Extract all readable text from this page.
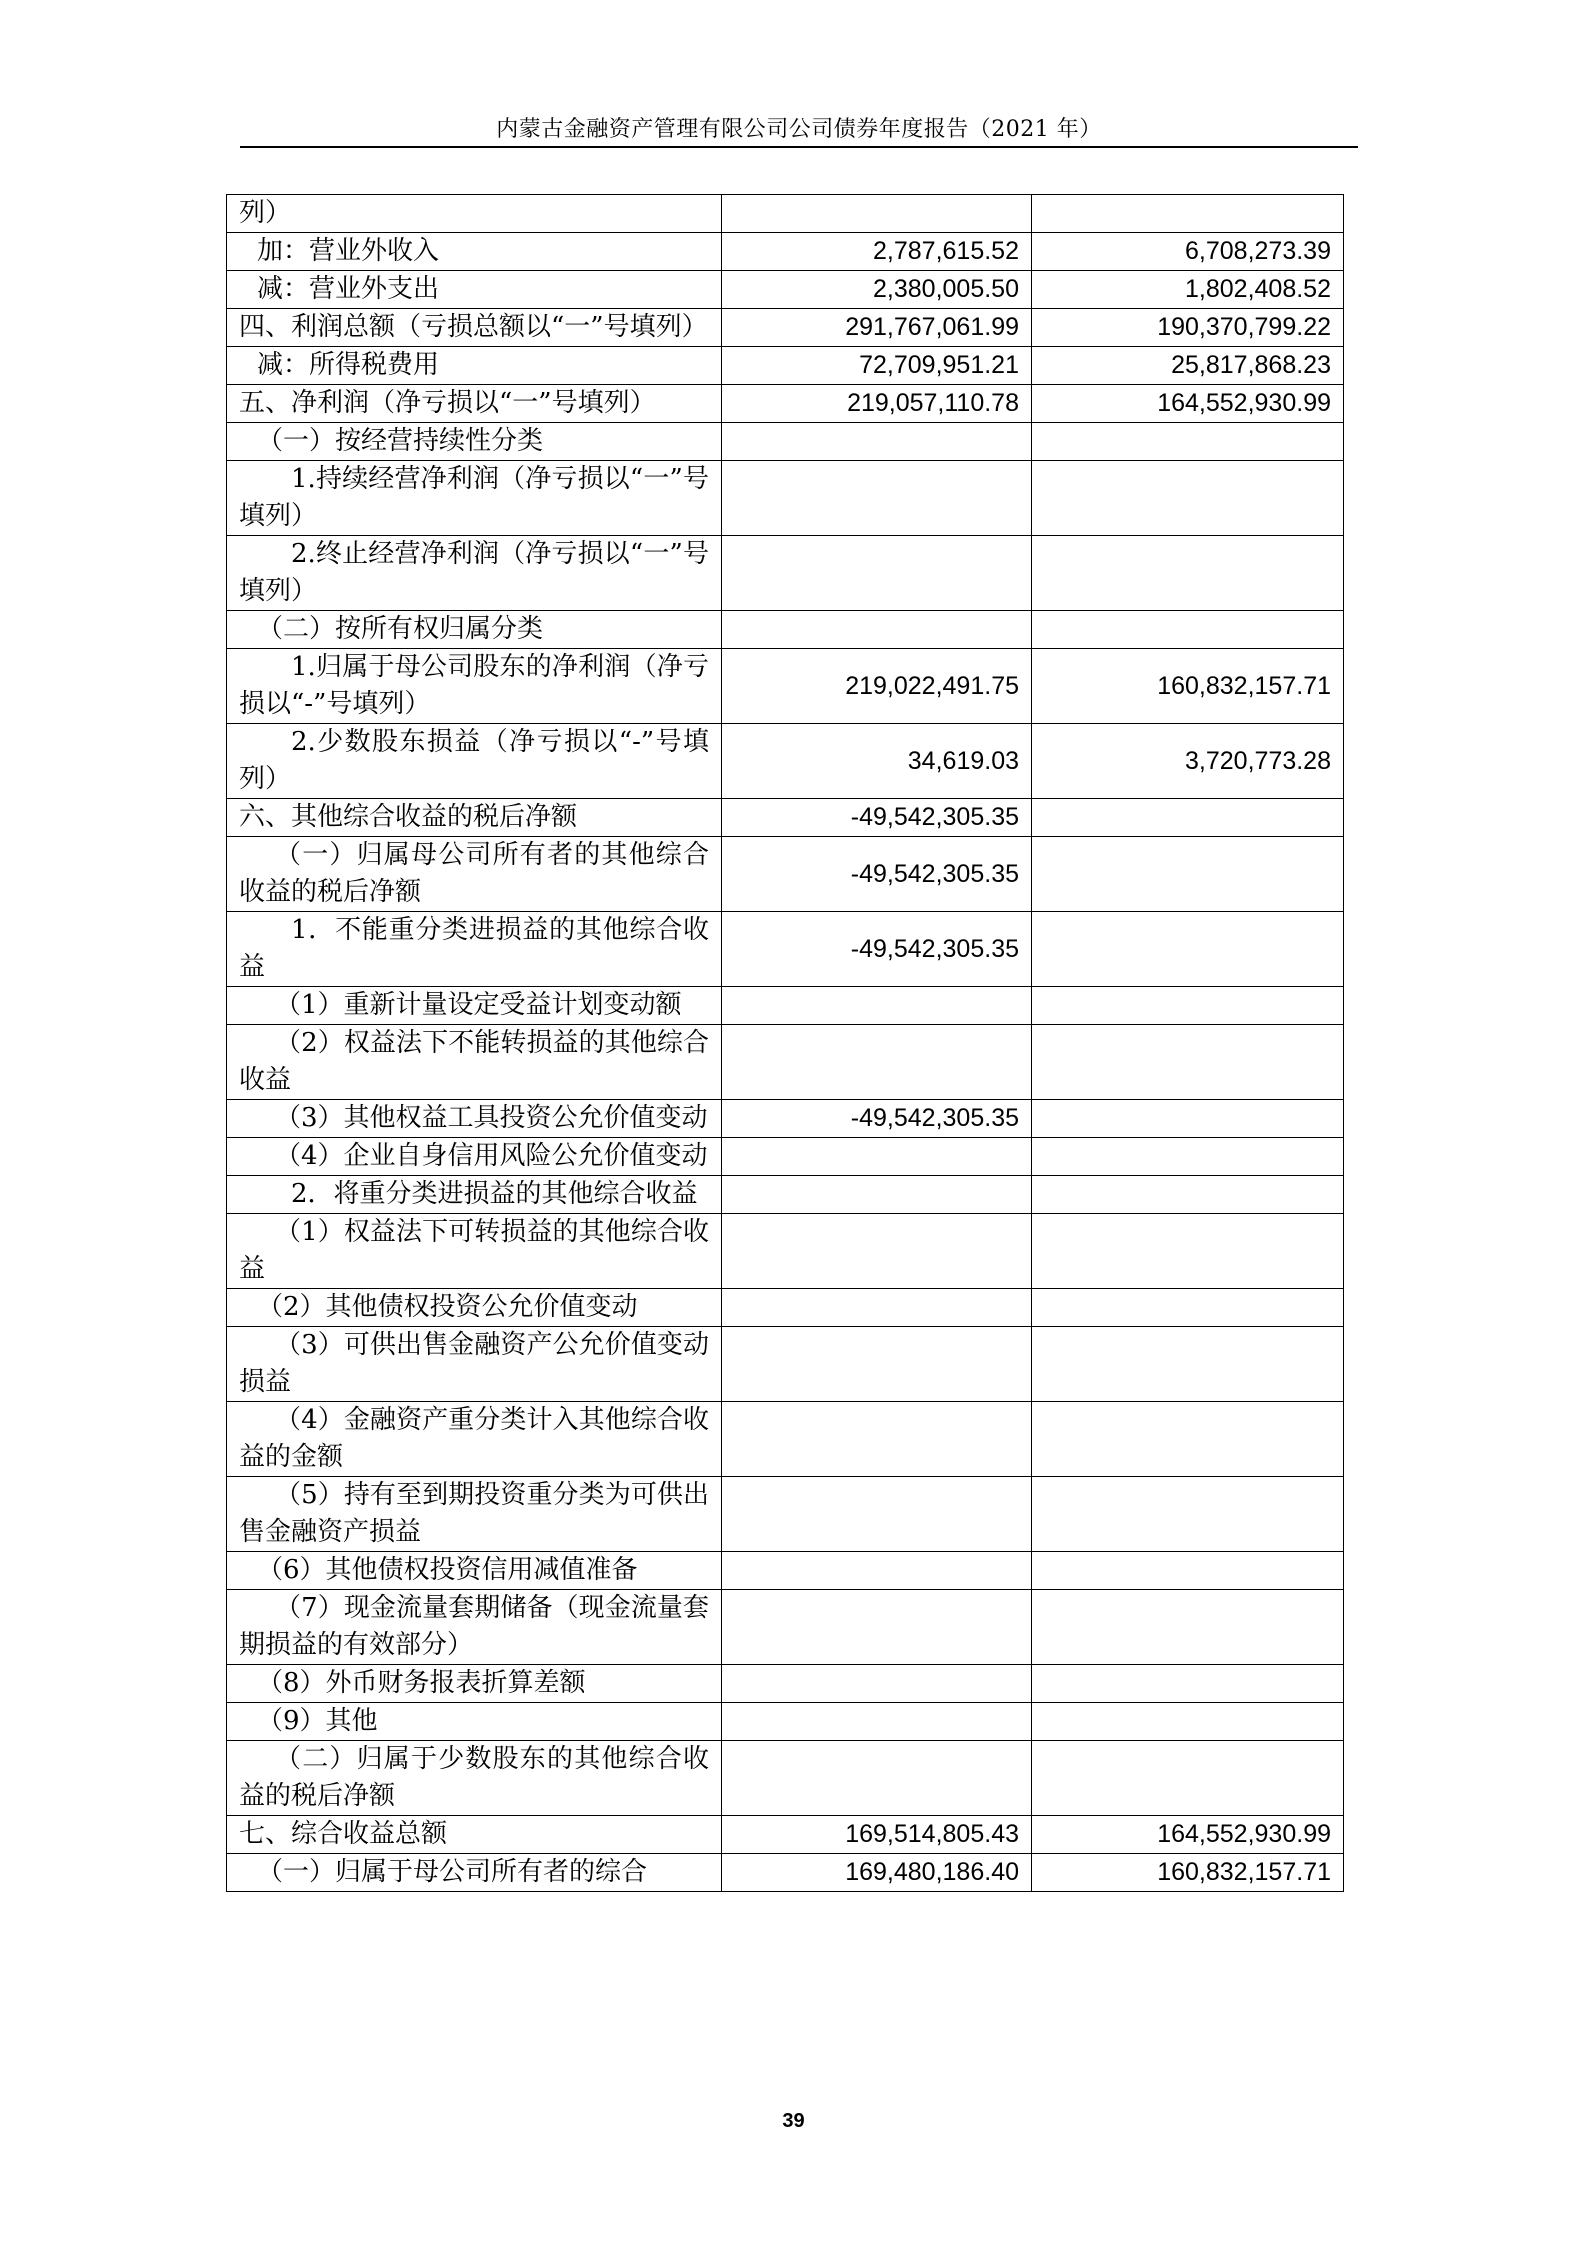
内蒙古金融资产管理有限公司公司债券年度报告（2021 年）
列）		
加：营业外收入	2,787,615.52	6,708,273.39
减：营业外支出	2,380,005.50	1,802,408.52
四、利润总额（亏损总额以“一”号填列）	291,767,061.99	190,370,799.22
减：所得税费用	72,709,951.21	25,817,868.23
五、净利润（净亏损以“一”号填列）	219,057,110.78	164,552,930.99
（一）按经营持续性分类		
1.持续经营净利润（净亏损以“一”号填列）		
2.终止经营净利润（净亏损以“一”号填列）		
（二）按所有权归属分类		
1.归属于母公司股东的净利润（净亏损以“-”号填列）	219,022,491.75	160,832,157.71
2.少数股东损益（净亏损以“-”号填列）	34,619.03	3,720,773.28
六、其他综合收益的税后净额	-49,542,305.35	
（一）归属母公司所有者的其他综合收益的税后净额	-49,542,305.35	
1．不能重分类进损益的其他综合收益	-49,542,305.35	
（1）重新计量设定受益计划变动额		
（2）权益法下不能转损益的其他综合收益		
（3）其他权益工具投资公允价值变动	-49,542,305.35	
（4）企业自身信用风险公允价值变动		
2．将重分类进损益的其他综合收益		
（1）权益法下可转损益的其他综合收益		
（2）其他债权投资公允价值变动		
（3）可供出售金融资产公允价值变动损益		
（4）金融资产重分类计入其他综合收益的金额		
（5）持有至到期投资重分类为可供出售金融资产损益		
（6）其他债权投资信用减值准备		
（7）现金流量套期储备（现金流量套期损益的有效部分）		
（8）外币财务报表折算差额		
（9）其他		
（二）归属于少数股东的其他综合收益的税后净额		
七、综合收益总额	169,514,805.43	164,552,930.99
（一）归属于母公司所有者的综合	169,480,186.40	160,832,157.71
39
